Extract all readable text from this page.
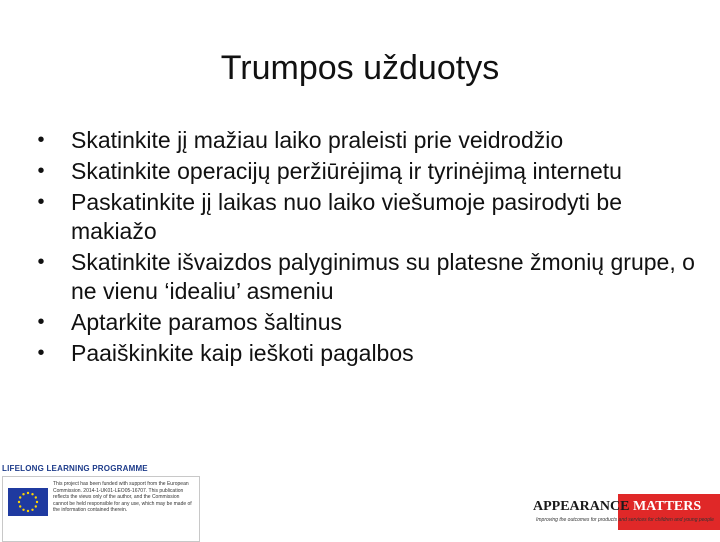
Trumpos užduotys
• Skatinkite jį mažiau laiko praleisti prie veidrodžio
• Skatinkite operacijų peržiūrėjimą ir tyrinėjimą internetu
• Paskatinkite jį laikas nuo laiko viešumoje pasirodyti be makiažo
• Skatinkite išvaizdos palyginimus su platesne žmonių grupe, o ne vienu ‘idealiu’ asmeniu
• Aptarkite paramos šaltinus
• Paaiškinkite kaip ieškoti pagalbos
LIFELONG LEARNING PROGRAMME
This project has been funded with support from the European Commission. 2014-1-UK01-LEO05-16707. This publication reflects the views only of the author, and the Commission cannot be held responsible for any use, which may be made of the information contained therein.	APPEARANCE MATTERS
Improving the outcomes for products and services for children and young people
